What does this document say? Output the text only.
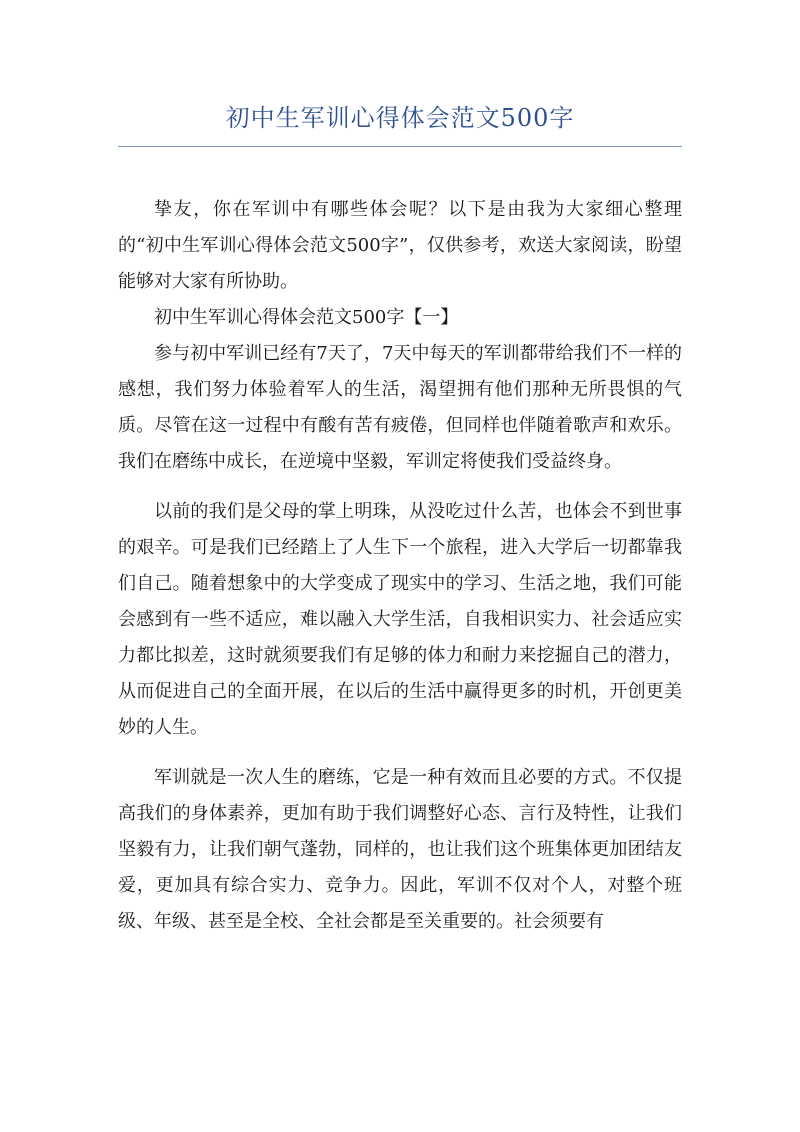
初中生军训心得体会范文500字

挚友，你在军训中有哪些体会呢？以下是由我为大家细心整理的“初中生军训心得体会范文500字”，仅供参考，欢送大家阅读，盼望能够对大家有所协助。

初中生军训心得体会范文500字【一】

参与初中军训已经有7天了，7天中每天的军训都带给我们不一样的感想，我们努力体验着军人的生活，渴望拥有他们那种无所畏惧的气质。尽管在这一过程中有酸有苦有疲倦，但同样也伴随着歌声和欢乐。我们在磨练中成长，在逆境中坚毅，军训定将使我们受益终身。

以前的我们是父母的掌上明珠，从没吃过什么苦，也体会不到世事的艰辛。可是我们已经踏上了人生下一个旅程，进入大学后一切都靠我们自己。随着想象中的大学变成了现实中的学习、生活之地，我们可能会感到有一些不适应，难以融入大学生活，自我相识实力、社会适应实力都比拟差，这时就须要我们有足够的体力和耐力来挖掘自己的潜力，从而促进自己的全面开展，在以后的生活中赢得更多的时机，开创更美妙的人生。

军训就是一次人生的磨练，它是一种有效而且必要的方式。不仅提高我们的身体素养，更加有助于我们调整好心态、言行及特性，让我们坚毅有力，让我们朝气蓬勃，同样的，也让我们这个班集体更加团结友爱，更加具有综合实力、竞争力。因此，军训不仅对个人，对整个班级、年级、甚至是全校、全社会都是至关重要的。社会须要有
